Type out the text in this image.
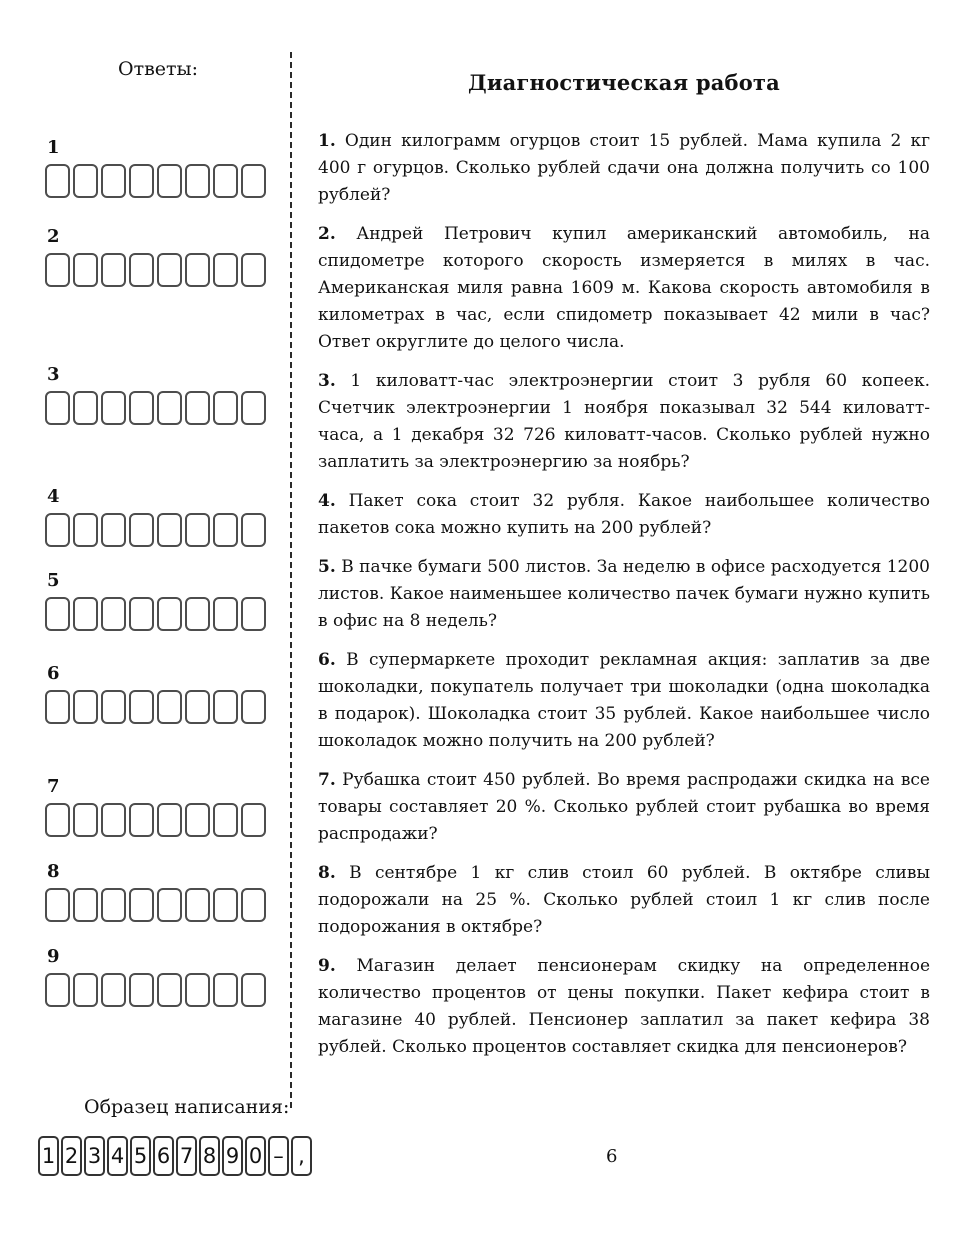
Ответы:
1
2
3
4
5
6
7
8
9
Диагностическая работа

1. Один килограмм огурцов стоит 15 рублей. Мама купила 2 кг 400 г огурцов. Сколько рублей сдачи она должна получить со 100 рублей?

2. Андрей Петрович купил американский автомобиль, на спидометре которого скорость измеряется в милях в час. Американская миля равна 1609 м. Какова скорость автомобиля в километрах в час, если спидометр показывает 42 мили в час? Ответ округлите до целого числа.

3. 1 киловатт-час электроэнергии стоит 3 рубля 60 копеек. Счетчик электроэнергии 1 ноября показывал 32 544 киловатт-часа, а 1 декабря 32 726 киловатт-часов. Сколько рублей нужно заплатить за электроэнергию за ноябрь?

4. Пакет сока стоит 32 рубля. Какое наибольшее количество пакетов сока можно купить на 200 рублей?

5. В пачке бумаги 500 листов. За неделю в офисе расходуется 1200 листов. Какое наименьшее количество пачек бумаги нужно купить в офис на 8 недель?

6. В супермаркете проходит рекламная акция: заплатив за две шоколадки, покупатель получает три шоколадки (одна шоколадка в подарок). Шоколадка стоит 35 рублей. Какое наибольшее число шоколадок можно получить на 200 рублей?

7. Рубашка стоит 450 рублей. Во время распродажи скидка на все товары составляет 20 %. Сколько рублей стоит рубашка во время распродажи?

8. В сентябре 1 кг слив стоил 60 рублей. В октябре сливы подорожали на 25 %. Сколько рублей стоил 1 кг слив после подорожания в октябре?

9. Магазин делает пенсионерам скидку на определенное количество процентов от цены покупки. Пакет кефира стоит в магазине 40 рублей. Пенсионер заплатил за пакет кефира 38 рублей. Сколько процентов составляет скидка для пенсионеров?

Образец написания:
1 2 3 4 5 6 7 8 9 0 – ,	6
